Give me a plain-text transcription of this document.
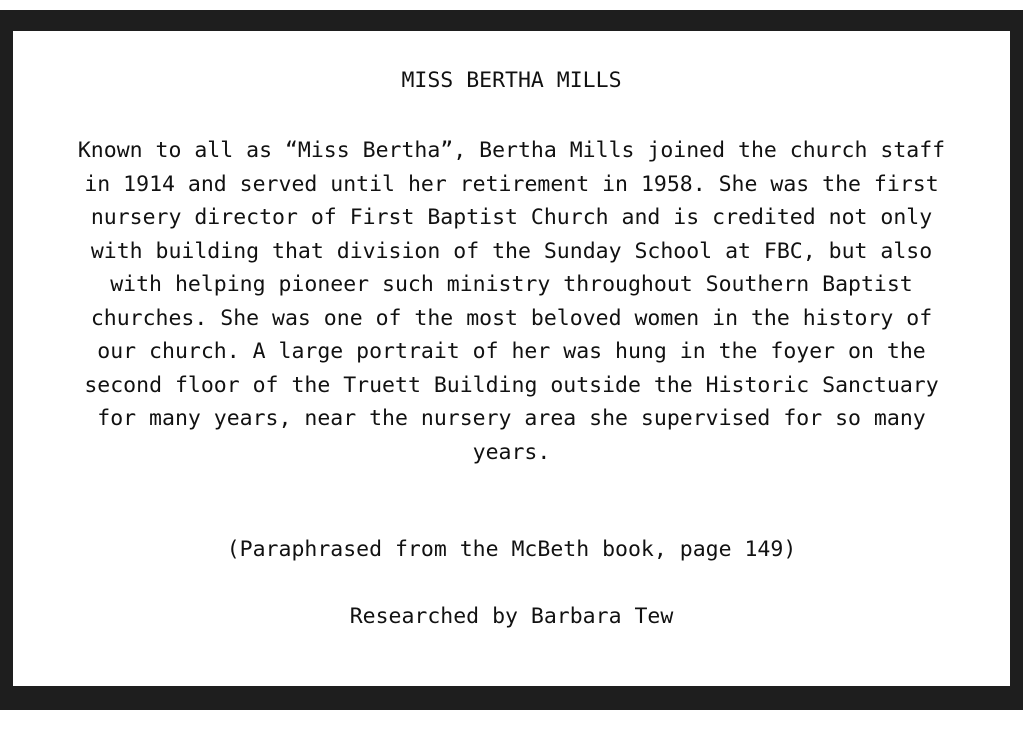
MISS BERTHA MILLS

Known to all as “Miss Bertha”, Bertha Mills joined the church staff in 1914 and served until her retirement in 1958. She was the first nursery director of First Baptist Church and is credited not only with building that division of the Sunday School at FBC, but also with helping pioneer such ministry throughout Southern Baptist churches. She was one of the most beloved women in the history of our church. A large portrait of her was hung in the foyer on the second floor of the Truett Building outside the Historic Sanctuary for many years, near the nursery area she supervised for so many years.

(Paraphrased from the McBeth book, page 149)

Researched by Barbara Tew
